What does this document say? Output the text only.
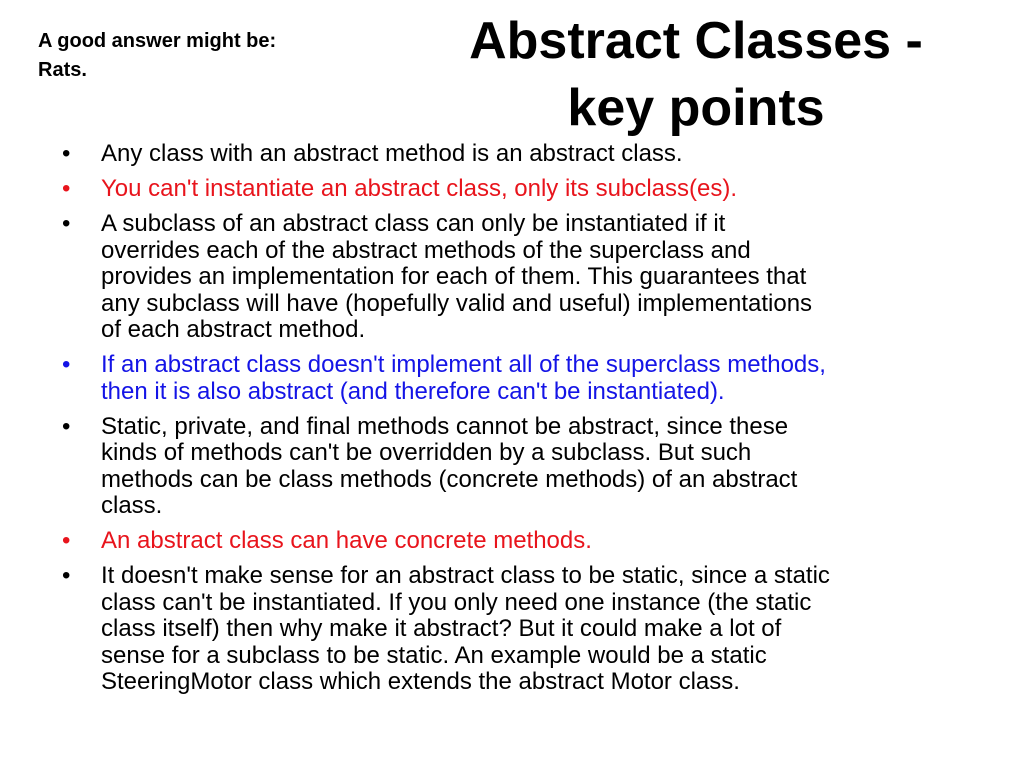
A good answer might be:
Rats.	Abstract Classes -
key points
• Any class with an abstract method is an abstract class.
• You can't instantiate an abstract class, only its subclass(es).
• A subclass of an abstract class can only be instantiated if it
overrides each of the abstract methods of the superclass and
provides an implementation for each of them. This guarantees that
any subclass will have (hopefully valid and useful) implementations
of each abstract method.
• If an abstract class doesn't implement all of the superclass methods,
then it is also abstract (and therefore can't be instantiated).
• Static, private, and final methods cannot be abstract, since these
kinds of methods can't be overridden by a subclass. But such
methods can be class methods (concrete methods) of an abstract
class.
• An abstract class can have concrete methods.
• It doesn't make sense for an abstract class to be static, since a static
class can't be instantiated. If you only need one instance (the static
class itself) then why make it abstract? But it could make a lot of
sense for a subclass to be static. An example would be a static
SteeringMotor class which extends the abstract Motor class.
